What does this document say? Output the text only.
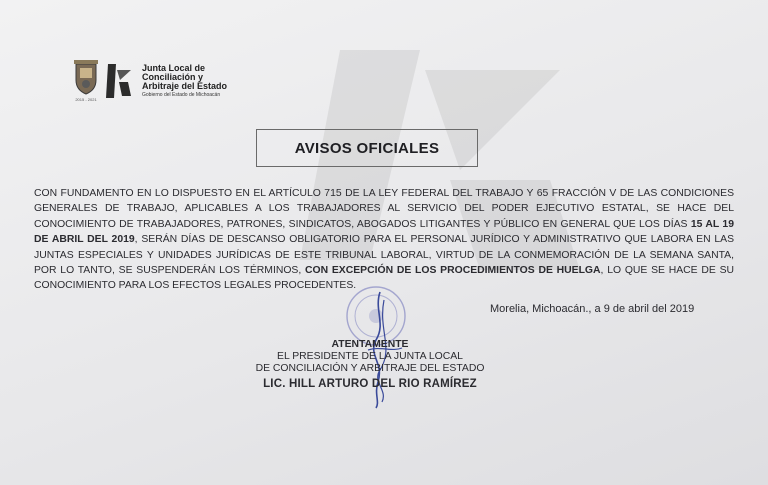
2015 - 2021
Junta Local de
Conciliación y
Arbitraje del Estado
Gobierno del Estado de Michoacán
AVISOS OFICIALES
CON FUNDAMENTO EN LO DISPUESTO EN EL ARTÍCULO 715 DE LA LEY FEDERAL DEL TRABAJO Y 65 FRACCIÓN V DE LAS CONDICIONES GENERALES DE TRABAJO, APLICABLES A LOS TRABAJADORES AL SERVICIO DEL PODER EJECUTIVO ESTATAL, SE HACE DEL CONOCIMIENTO DE TRABAJADORES, PATRONES, SINDICATOS, ABOGADOS LITIGANTES Y PÚBLICO EN GENERAL QUE LOS DÍAS 15 AL 19 DE ABRIL DEL 2019, SERÁN DÍAS DE DESCANSO OBLIGATORIO PARA EL PERSONAL JURÍDICO Y ADMINISTRATIVO QUE LABORA EN LAS JUNTAS ESPECIALES Y UNIDADES JURÍDICAS DE ESTE TRIBUNAL LABORAL, VIRTUD DE LA CONMEMORACIÓN DE LA SEMANA SANTA, POR LO TANTO, SE SUSPENDERÁN LOS TÉRMINOS, CON EXCEPCIÓN DE LOS PROCEDIMIENTOS DE HUELGA, LO QUE SE HACE DE SU CONOCIMIENTO PARA LOS EFECTOS LEGALES PROCEDENTES.
Morelia, Michoacán., a 9 de abril del 2019
ATENTAMENTE
EL PRESIDENTE DE LA JUNTA LOCAL
DE CONCILIACIÓN Y ARBITRAJE DEL ESTADO
LIC. HILL ARTURO DEL RIO RAMÍREZ
